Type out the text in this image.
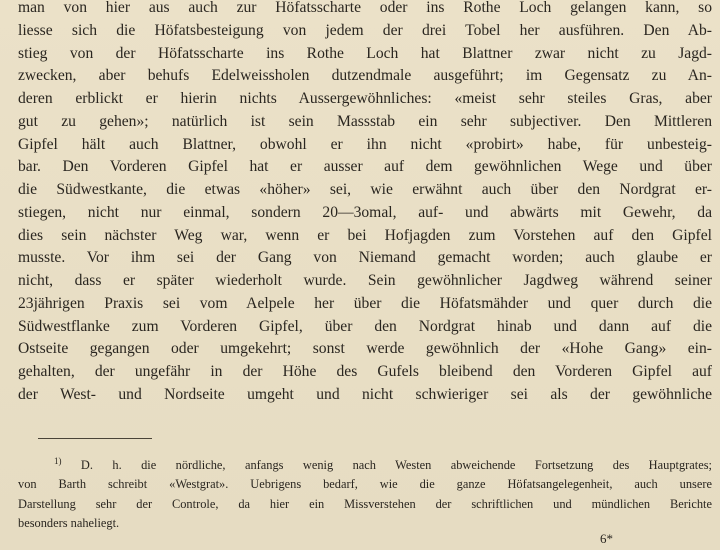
man von hier aus auch zur Höfatsscharte oder ins Rothe Loch gelangen kann, so
liesse sich die Höfatsbesteigung von jedem der drei Tobel her ausführen. Den Ab-
stieg von der Höfatsscharte ins Rothe Loch hat Blattner zwar nicht zu Jagd-
zwecken, aber behufs Edelweissholen dutzendmale ausgeführt; im Gegensatz zu An-
deren erblickt er hierin nichts Aussergewöhnliches: «meist sehr steiles Gras, aber
gut zu gehen»; natürlich ist sein Massstab ein sehr subjectiver. Den Mittleren
Gipfel hält auch Blattner, obwohl er ihn nicht «probirt» habe, für unbesteig-
bar. Den Vorderen Gipfel hat er ausser auf dem gewöhnlichen Wege und über
die Südwestkante, die etwas «höher» sei, wie erwähnt auch über den Nordgrat er-
stiegen, nicht nur einmal, sondern 20—3omal, auf- und abwärts mit Gewehr, da
dies sein nächster Weg war, wenn er bei Hofjagden zum Vorstehen auf den Gipfel
musste. Vor ihm sei der Gang von Niemand gemacht worden; auch glaube er
nicht, dass er später wiederholt wurde. Sein gewöhnlicher Jagdweg während seiner
23jährigen Praxis sei vom Aelpele her über die Höfatsmähder und quer durch die
Südwestflanke zum Vorderen Gipfel, über den Nordgrat hinab und dann auf die
Ostseite gegangen oder umgekehrt; sonst werde gewöhnlich der «Hohe Gang» ein-
gehalten, der ungefähr in der Höhe des Gufels bleibend den Vorderen Gipfel auf
der West- und Nordseite umgeht und nicht schwieriger sei als der gewöhnliche
$^{1)}$ D. h. die nördliche, anfangs wenig nach Westen abweichende Fortsetzung des Hauptgrates;
von Barth schreibt «Westgrat». Uebrigens bedarf, wie die ganze Höfatsangelegenheit, auch unsere
Darstellung sehr der Controle, da hier ein Missverstehen der schriftlichen und mündlichen Berichte
besonders naheliegt.
6*
